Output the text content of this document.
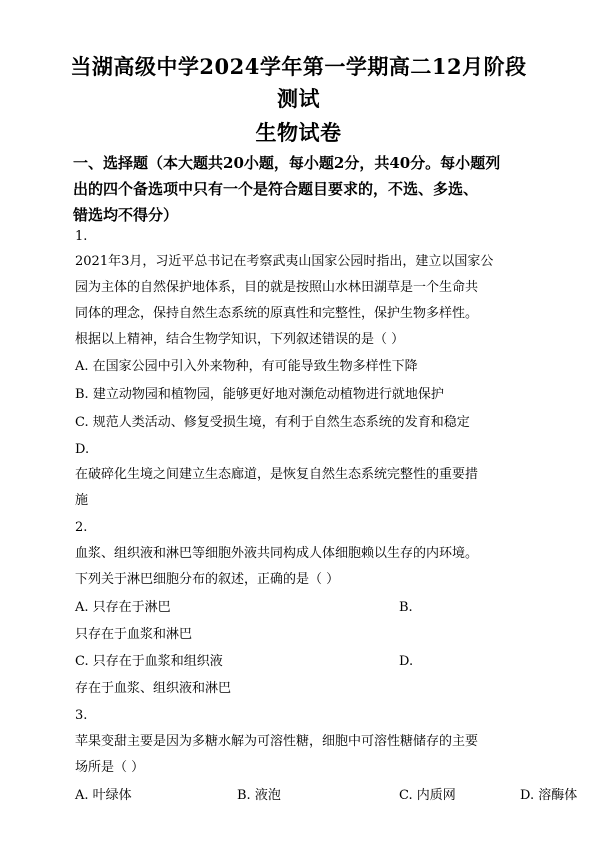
当湖高级中学2024学年第一学期高二12月阶段
测试
生物试卷
一、选择题（本大题共20小题，每小题2分，共40分。每小题列
出的四个备选项中只有一个是符合题目要求的，不选、多选、
错选均不得分）
1.
2021年3月，习近平总书记在考察武夷山国家公园时指出，建立以国家公
园为主体的自然保护地体系，目的就是按照山水林田湖草是一个生命共
同体的理念，保持自然生态系统的原真性和完整性，保护生物多样性。
根据以上精神，结合生物学知识，下列叙述错误的是（ ）
A. 在国家公园中引入外来物种，有可能导致生物多样性下降
B. 建立动物园和植物园，能够更好地对濒危动植物进行就地保护
C. 规范人类活动、修复受损生境，有利于自然生态系统的发育和稳定
D.
在破碎化生境之间建立生态廊道，是恢复自然生态系统完整性的重要措
施
2.
血浆、组织液和淋巴等细胞外液共同构成人体细胞赖以生存的内环境。
下列关于淋巴细胞分布的叙述，正确的是（ ）
A. 只存在于淋巴	B.
只存在于血浆和淋巴
C. 只存在于血浆和组织液	D.
存在于血浆、组织液和淋巴
3.
苹果变甜主要是因为多糖水解为可溶性糖，细胞中可溶性糖储存的主要
场所是（ ）
A. 叶绿体	B. 液泡	C. 内质网	D. 溶酶体
